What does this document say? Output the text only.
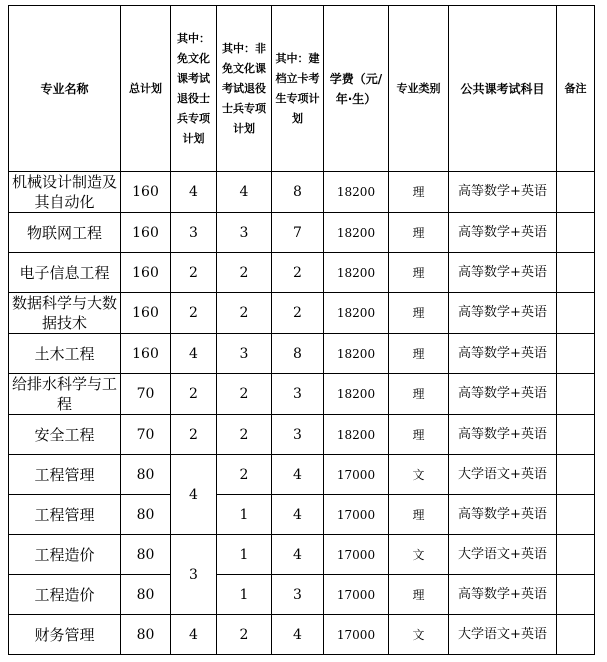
专业名称	总计划	其中：免文化课考试退役士兵专项计划	其中：非免文化课考试退役士兵专项计划	其中：建档立卡考生专项计划	学费（元/年·生）	专业类别	公共课考试科目	备注
机械设计制造及其自动化	160	4	4	8	18200	理	高等数学+英语	
物联网工程	160	3	3	7	18200	理	高等数学+英语	
电子信息工程	160	2	2	2	18200	理	高等数学+英语	
数据科学与大数据技术	160	2	2	2	18200	理	高等数学+英语	
土木工程	160	4	3	8	18200	理	高等数学+英语	
给排水科学与工程	70	2	2	3	18200	理	高等数学+英语	
安全工程	70	2	2	3	18200	理	高等数学+英语	
工程管理	80	4	2	4	17000	文	大学语文+英语	
工程管理	80		1	4	17000	理	高等数学+英语	
工程造价	80	3	1	4	17000	文	大学语文+英语	
工程造价	80		1	3	17000	理	高等数学+英语	
财务管理	80	4	2	4	17000	文	大学语文+英语	
